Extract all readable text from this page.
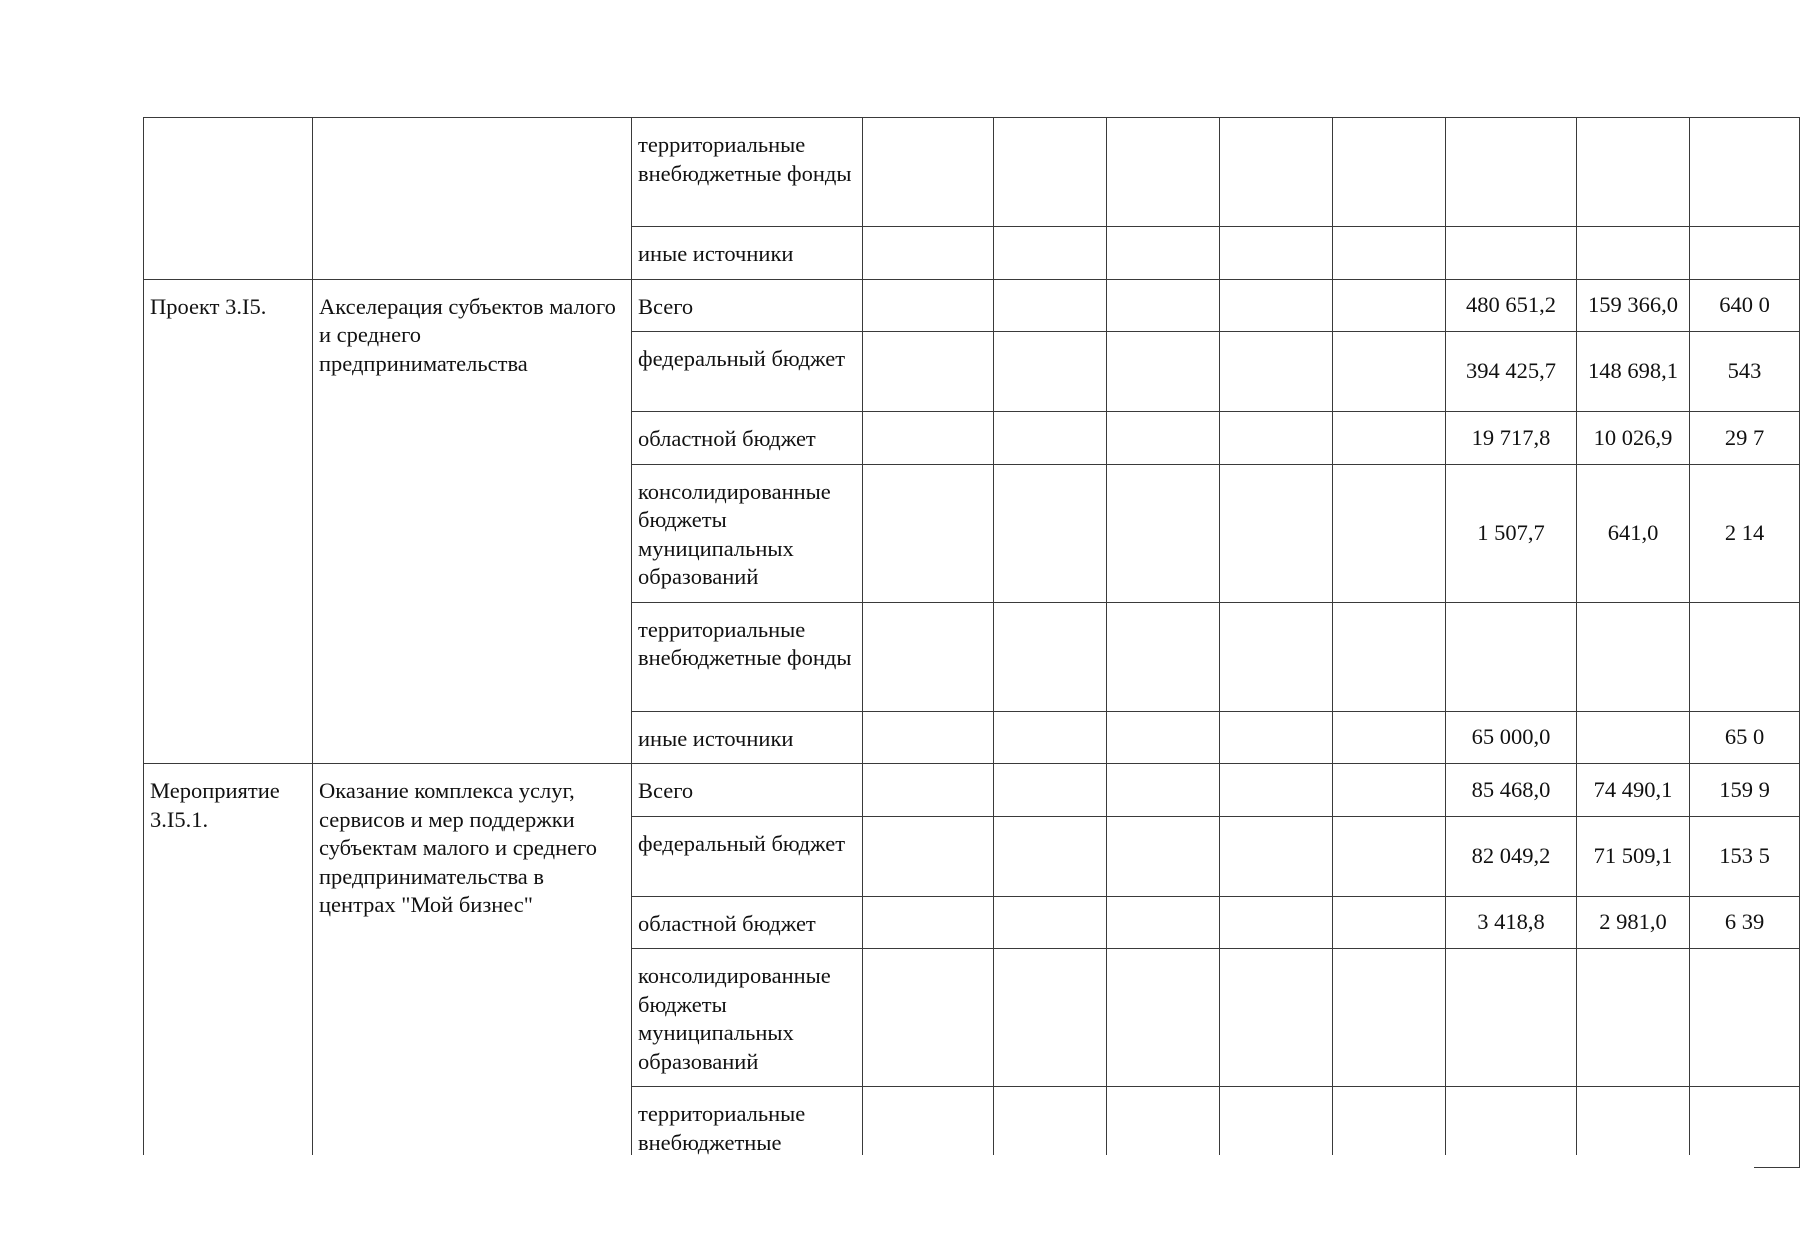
		территориальные внебюджетные фонды								
		иные источники								
Проект 3.I5.	Акселерация субъектов малого и среднего предпринимательства	Всего						480 651,2	159 366,0	640 0
		федеральный бюджет						394 425,7	148 698,1	543
		областной бюджет						19 717,8	10 026,9	29 7
		консолидированные бюджеты муниципальных образований						1 507,7	641,0	2 14
		территориальные внебюджетные фонды								
		иные источники						65 000,0		65 0
Мероприятие 3.I5.1.	Оказание комплекса услуг, сервисов и мер поддержки субъектам малого и среднего предпринимательства в центрах "Мой бизнес"	Всего						85 468,0	74 490,1	159 9
		федеральный бюджет						82 049,2	71 509,1	153 5
		областной бюджет						3 418,8	2 981,0	6 39
		консолидированные бюджеты муниципальных образований								
		территориальные внебюджетные								
